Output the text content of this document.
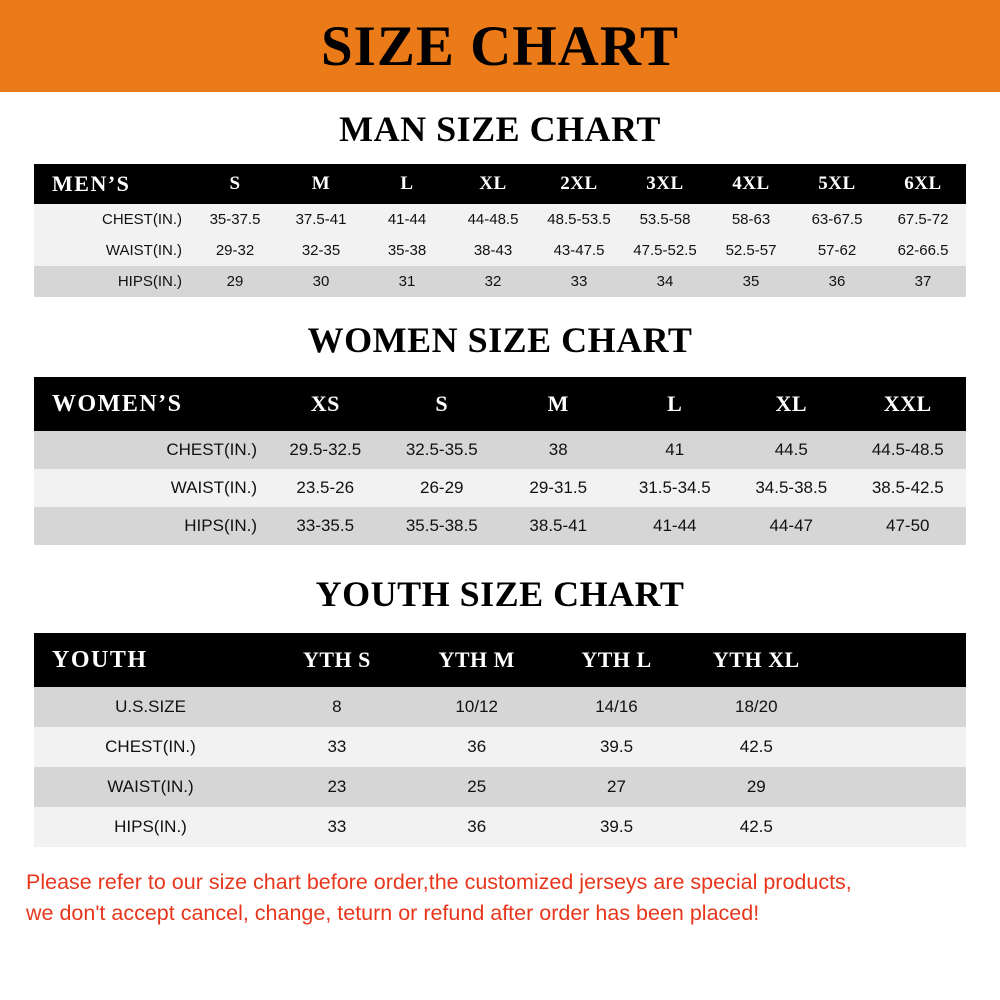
SIZE CHART
MAN SIZE CHART
MEN’S	S	M	L	XL	2XL	3XL	4XL	5XL	6XL
CHEST(IN.)	35-37.5	37.5-41	41-44	44-48.5	48.5-53.5	53.5-58	58-63	63-67.5	67.5-72
WAIST(IN.)	29-32	32-35	35-38	38-43	43-47.5	47.5-52.5	52.5-57	57-62	62-66.5
HIPS(IN.)	29	30	31	32	33	34	35	36	37
WOMEN SIZE CHART
WOMEN’S	XS	S	M	L	XL	XXL
CHEST(IN.)	29.5-32.5	32.5-35.5	38	41	44.5	44.5-48.5
WAIST(IN.)	23.5-26	26-29	29-31.5	31.5-34.5	34.5-38.5	38.5-42.5
HIPS(IN.)	33-35.5	35.5-38.5	38.5-41	41-44	44-47	47-50
YOUTH SIZE CHART
YOUTH	YTH S	YTH M	YTH L	YTH XL	
U.S.SIZE	8	10/12	14/16	18/20	
CHEST(IN.)	33	36	39.5	42.5	
WAIST(IN.)	23	25	27	29	
HIPS(IN.)	33	36	39.5	42.5	
Please refer to our size chart before order,the customized jerseys are special products,
we don't accept cancel, change, teturn or refund after order has been placed!
